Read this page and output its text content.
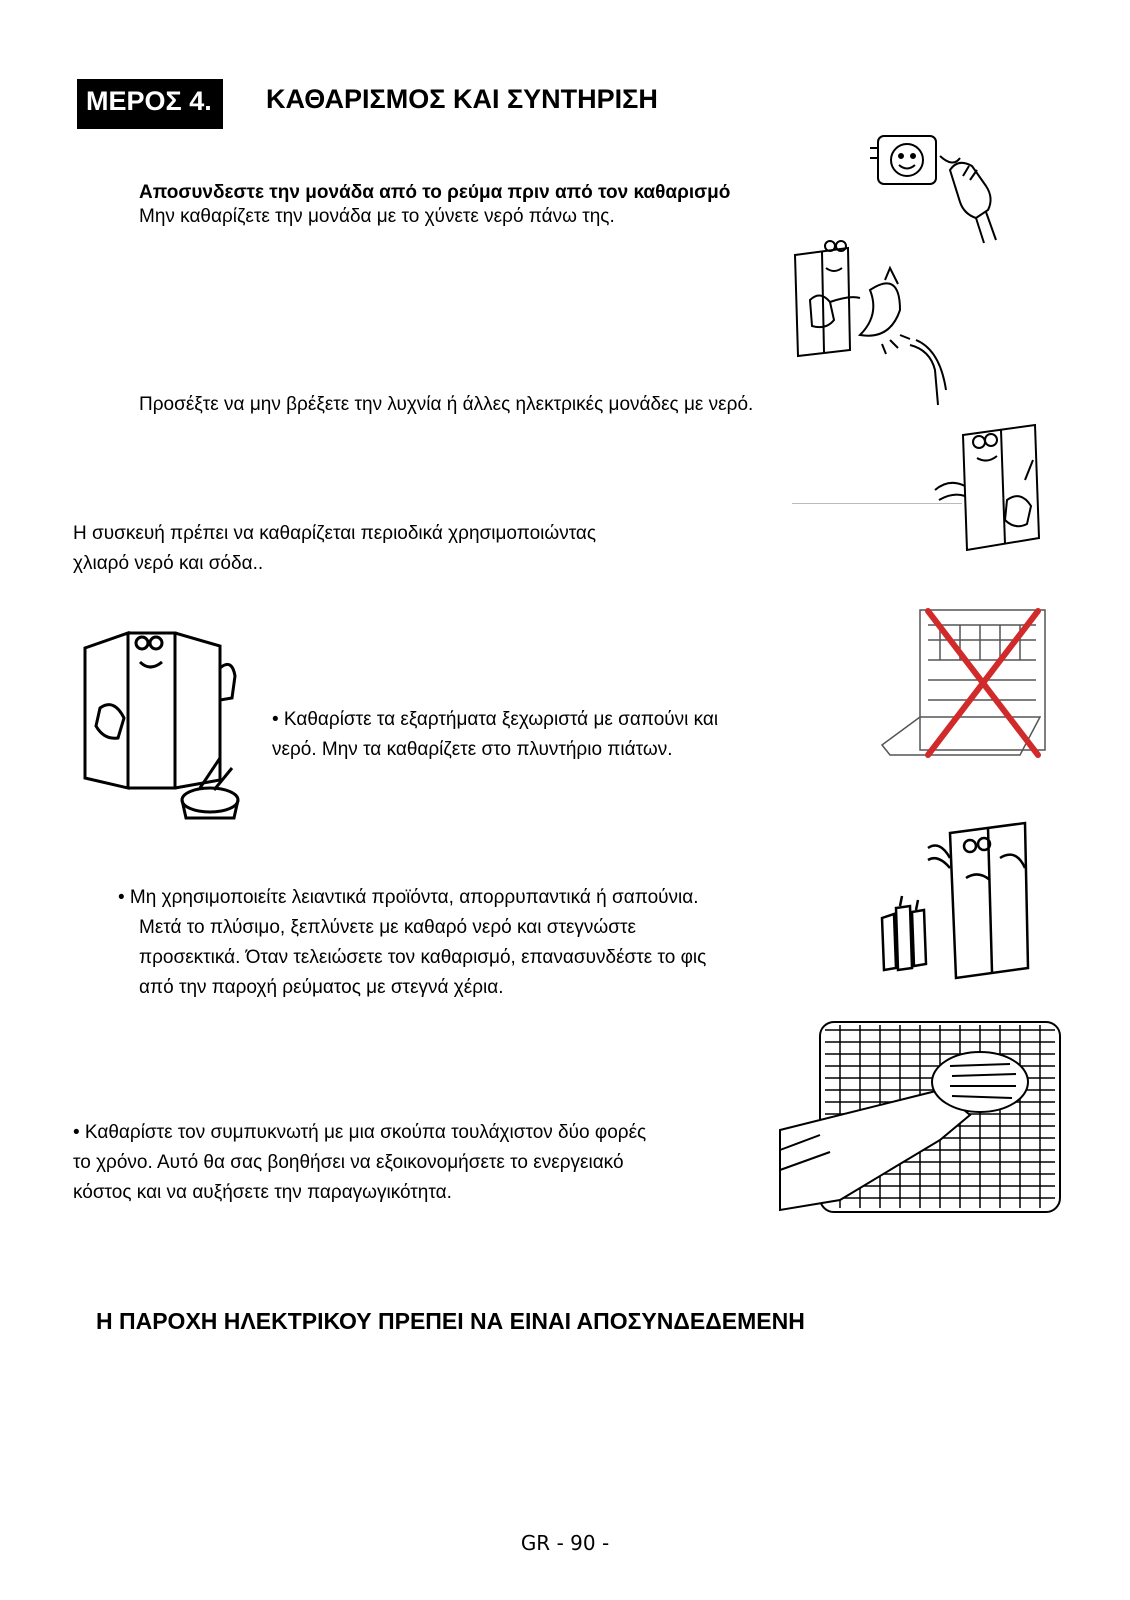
ΜΕΡΟΣ 4.	ΚΑΘΑΡΙΣΜΟΣ ΚΑΙ ΣΥΝΤΗΡΙΣΗ
Αποσυνδεστε την μονάδα από το ρεύμα πριν από τον καθαρισμό
Μην καθαρίζετε την μονάδα με το χύνετε νερό πάνω της.
Προσέξτε να μην βρέξετε την λυχνία ή άλλες ηλεκτρικές μονάδες με νερό.
Η συσκευή πρέπει να καθαρίζεται περιοδικά χρησιμοποιώντας
χλιαρό νερό και σόδα..
• Καθαρίστε τα εξαρτήματα ξεχωριστά με σαπούνι και
νερό. Μην τα καθαρίζετε στο πλυντήριο πιάτων.
• Μη χρησιμοποιείτε λειαντικά προϊόντα, απορρυπαντικά ή σαπούνια.
Μετά το πλύσιμο, ξεπλύνετε με καθαρό νερό και στεγνώστε
προσεκτικά. Όταν τελειώσετε τον καθαρισμό, επανασυνδέστε το φις
από την παροχή ρεύματος με στεγνά χέρια.
• Καθαρίστε τον συμπυκνωτή με μια σκούπα τουλάχιστον δύο φορές
το χρόνο. Αυτό θα σας βοηθήσει να εξοικονομήσετε το ενεργειακό
κόστος και να αυξήσετε την παραγωγικότητα.
Η ΠΑΡΟΧΗ ΗΛΕΚΤΡΙΚΟΥ ΠΡΕΠΕΙ ΝΑ ΕΙΝΑΙ ΑΠΟΣΥΝΔΕΔΕΜΕΝΗ
GR - 90 -
